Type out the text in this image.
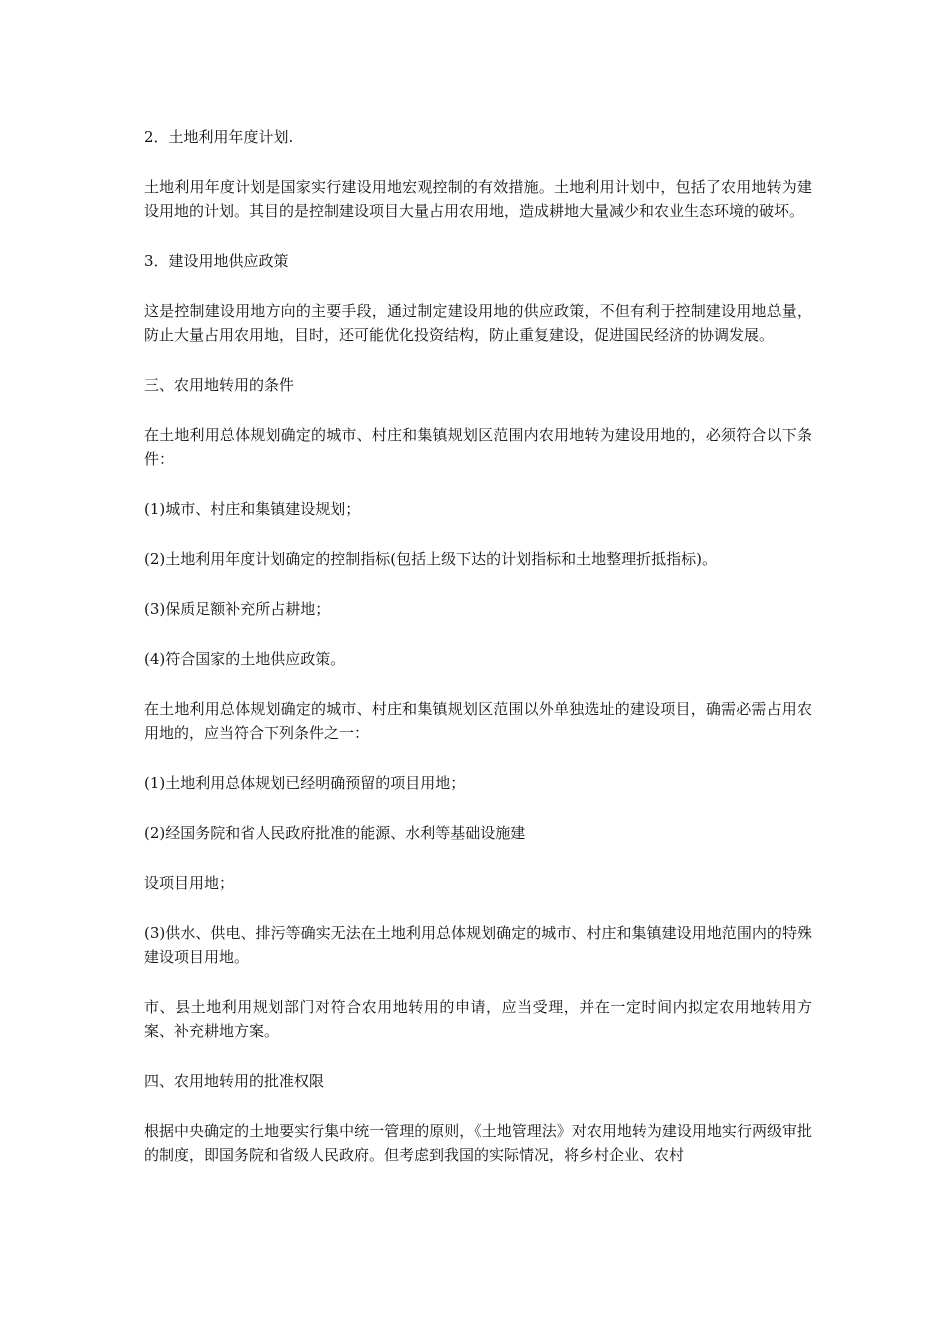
2．土地利用年度计划.

土地利用年度计划是国家实行建设用地宏观控制的有效措施。土地利用计划中，包括了农用地转为建设用地的计划。其目的是控制建设项目大量占用农用地，造成耕地大量减少和农业生态环境的破坏。

3．建设用地供应政策

这是控制建设用地方向的主要手段，通过制定建设用地的供应政策，不但有利于控制建设用地总量，防止大量占用农用地，目时，还可能优化投资结构，防止重复建设，促进国民经济的协调发展。

三、农用地转用的条件

在土地利用总体规划确定的城市、村庄和集镇规划区范围内农用地转为建设用地的，必须符合以下条件：

(1)城市、村庄和集镇建设规划；

(2)土地利用年度计划确定的控制指标(包括上级下达的计划指标和土地整理折抵指标)。

(3)保质足额补充所占耕地；

(4)符合国家的土地供应政策。

在土地利用总体规划确定的城市、村庄和集镇规划区范围以外单独选址的建设项目，确需必需占用农用地的，应当符合下列条件之一：

(1)土地利用总体规划已经明确预留的项目用地；

(2)经国务院和省人民政府批准的能源、水利等基础设施建

设项目用地；

(3)供水、供电、排污等确实无法在土地利用总体规划确定的城市、村庄和集镇建设用地范围内的特殊建设项目用地。

市、县土地利用规划部门对符合农用地转用的申请，应当受理，并在一定时间内拟定农用地转用方案、补充耕地方案。

四、农用地转用的批准权限

根据中央确定的土地要实行集中统一管理的原则，《土地管理法》对农用地转为建设用地实行两级审批的制度，即国务院和省级人民政府。但考虑到我国的实际情况，将乡村企业、农村
